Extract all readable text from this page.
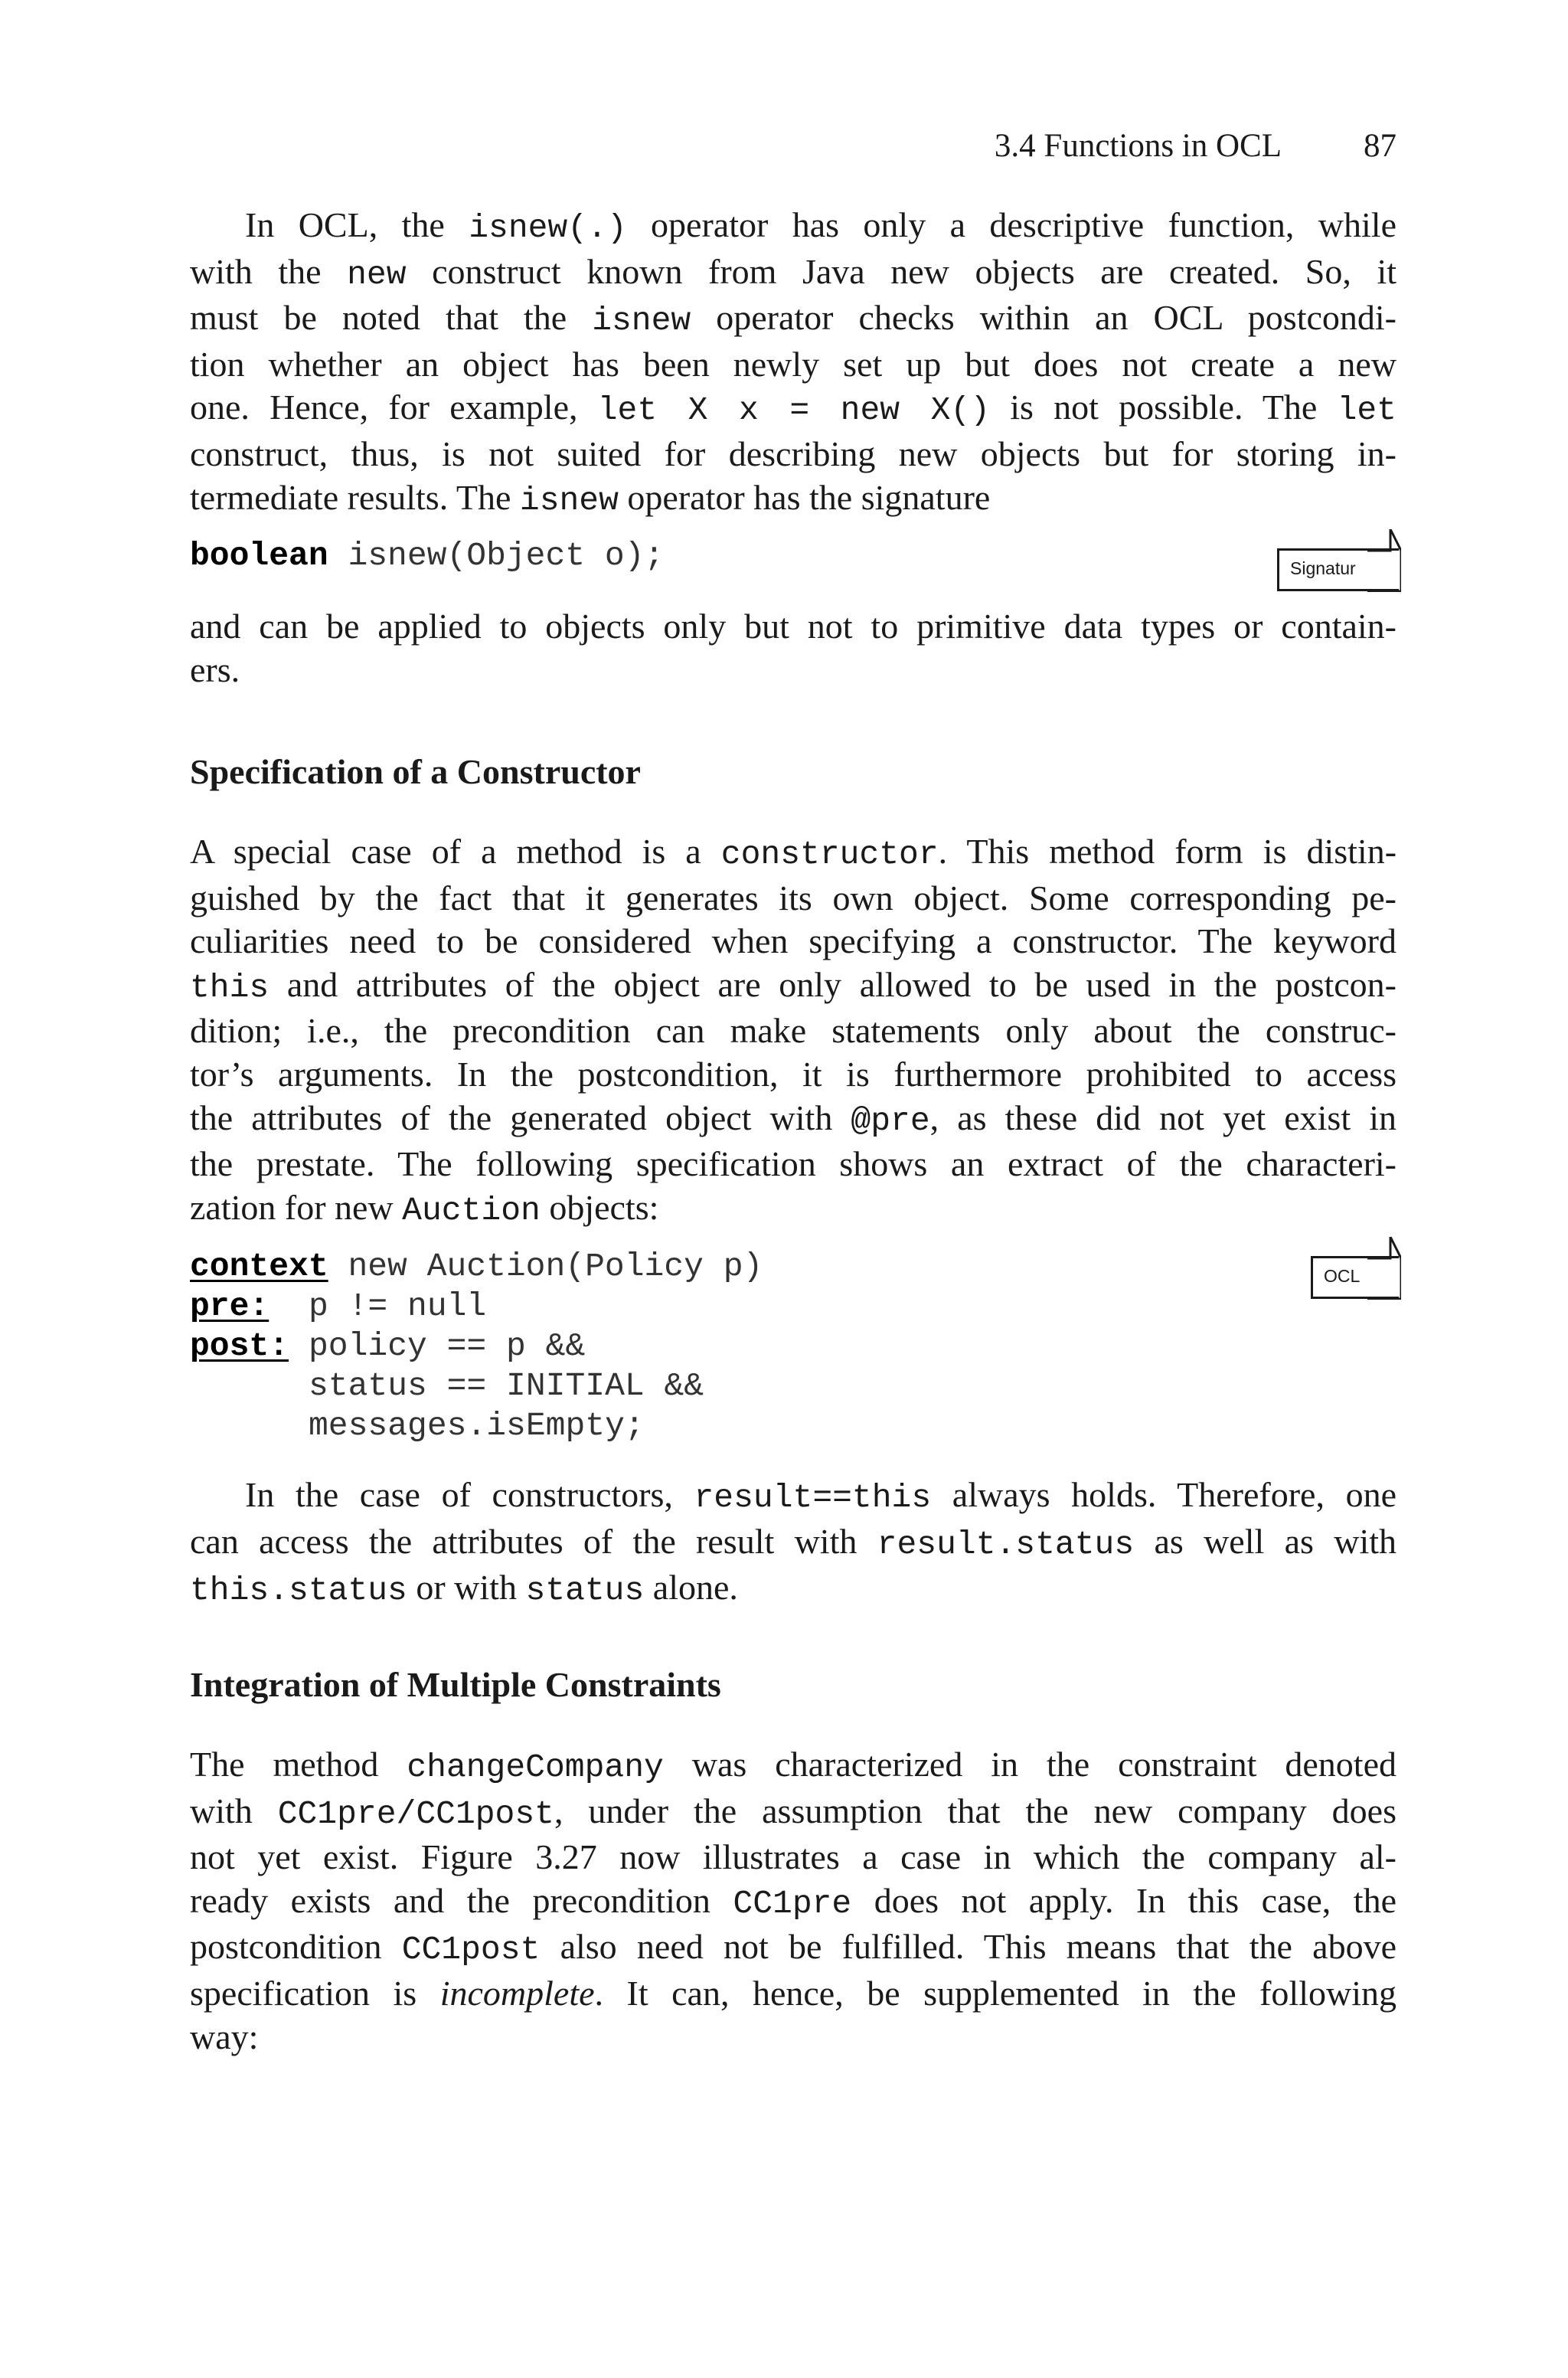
3.4 Functions in OCL 87

In OCL, the isnew(.) operator has only a descriptive function, while
with the new construct known from Java new objects are created. So, it
must be noted that the isnew operator checks within an OCL postcondi-
tion whether an object has been newly set up but does not create a new
one. Hence, for example, let X x = new X() is not possible. The let
construct, thus, is not suited for describing new objects but for storing in-
termediate results. The isnew operator has the signature

boolean isnew(Object o);	Signatur

and can be applied to objects only but not to primitive data types or contain-
ers.

Specification of a Constructor

A special case of a method is a constructor. This method form is distin-
guished by the fact that it generates its own object. Some corresponding pe-
culiarities need to be considered when specifying a constructor. The keyword
this and attributes of the object are only allowed to be used in the postcon-
dition; i.e., the precondition can make statements only about the construc-
tor’s arguments. In the postcondition, it is furthermore prohibited to access
the attributes of the generated object with @pre, as these did not yet exist in
the prestate. The following specification shows an extract of the characteri-
zation for new Auction objects:

context new Auction(Policy p)
pre: p != null
post: policy == p &&
status == INITIAL &&
messages.isEmpty;
OCL

In the case of constructors, result==this always holds. Therefore, one
can access the attributes of the result with result.status as well as with
this.status or with status alone.

Integration of Multiple Constraints

The method changeCompany was characterized in the constraint denoted
with CC1pre/CC1post, under the assumption that the new company does
not yet exist. Figure 3.27 now illustrates a case in which the company al-
ready exists and the precondition CC1pre does not apply. In this case, the
postcondition CC1post also need not be fulfilled. This means that the above
specification is incomplete. It can, hence, be supplemented in the following
way:
